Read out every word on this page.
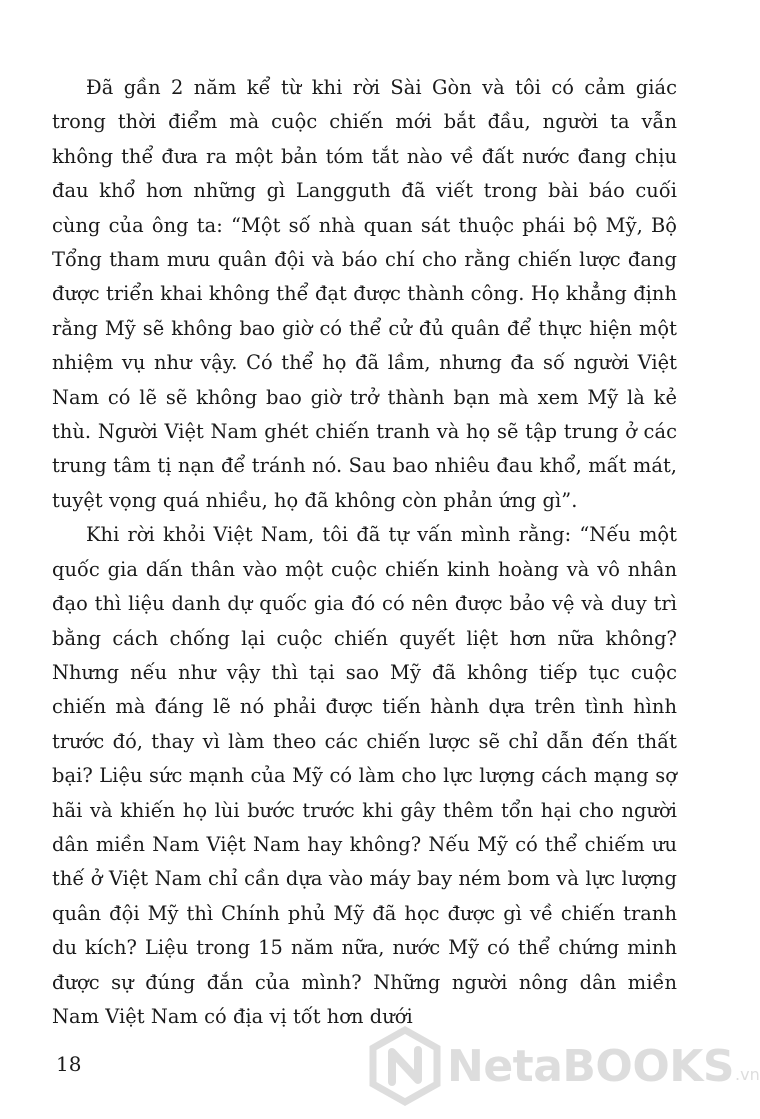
Đã gần 2 năm kể từ khi rời Sài Gòn và tôi có cảm giác trong thời điểm mà cuộc chiến mới bắt đầu, người ta vẫn không thể đưa ra một bản tóm tắt nào về đất nước đang chịu đau khổ hơn những gì Langguth đã viết trong bài báo cuối cùng của ông ta: “Một số nhà quan sát thuộc phái bộ Mỹ, Bộ Tổng tham mưu quân đội và báo chí cho rằng chiến lược đang được triển khai không thể đạt được thành công. Họ khẳng định rằng Mỹ sẽ không bao giờ có thể cử đủ quân để thực hiện một nhiệm vụ như vậy. Có thể họ đã lầm, nhưng đa số người Việt Nam có lẽ sẽ không bao giờ trở thành bạn mà xem Mỹ là kẻ thù. Người Việt Nam ghét chiến tranh và họ sẽ tập trung ở các trung tâm tị nạn để tránh nó. Sau bao nhiêu đau khổ, mất mát, tuyệt vọng quá nhiều, họ đã không còn phản ứng gì”.

Khi rời khỏi Việt Nam, tôi đã tự vấn mình rằng: “Nếu một quốc gia dấn thân vào một cuộc chiến kinh hoàng và vô nhân đạo thì liệu danh dự quốc gia đó có nên được bảo vệ và duy trì bằng cách chống lại cuộc chiến quyết liệt hơn nữa không? Nhưng nếu như vậy thì tại sao Mỹ đã không tiếp tục cuộc chiến mà đáng lẽ nó phải được tiến hành dựa trên tình hình trước đó, thay vì làm theo các chiến lược sẽ chỉ dẫn đến thất bại? Liệu sức mạnh của Mỹ có làm cho lực lượng cách mạng sợ hãi và khiến họ lùi bước trước khi gây thêm tổn hại cho người dân miền Nam Việt Nam hay không? Nếu Mỹ có thể chiếm ưu thế ở Việt Nam chỉ cần dựa vào máy bay ném bom và lực lượng quân đội Mỹ thì Chính phủ Mỹ đã học được gì về chiến tranh du kích? Liệu trong 15 năm nữa, nước Mỹ có thể chứng minh được sự đúng đắn của mình? Những người nông dân miền Nam Việt Nam có địa vị tốt hơn dưới

18	NetaBOOKS .vn
